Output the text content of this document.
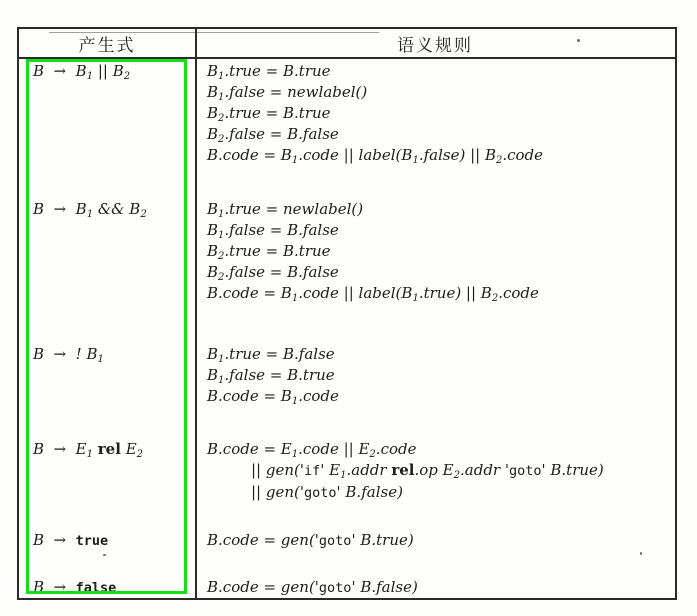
产生式	语义规则
$B \to B_1$ || $B_2$	$B_1.true$ = B.true
$B_1.false$ = newlabel()
$B_2.true$ = B.true
$B_2.false$ = B.false
B.code = $B_1.code$ || $label(B_1.false)$ || $B_2.code$
$B \to B_1$ && $B_2$	$B_1.true$ = newlabel()
$B_1.false$ = B.false
$B_2.true$ = B.true
$B_2.false$ = B.false
B.code = $B_1.code$ || $label(B_1.true)$ || $B_2.code$
B  →  ! $B_1$	$B_1.true$ = B.false
$B_1.false$ = B.true
B.code = $B_1.code$
$B \to E_1$ rel $E_2$	B.code = $E_1.code$ || $E_2.code$
|| gen('if' $E_1.addr$ rel.op $E_2.addr$ 'goto' B.true)
|| gen('goto' B.false)
B  →  true	B.code = gen('goto' B.true)
B  →  false	B.code = gen('goto' B.false)
